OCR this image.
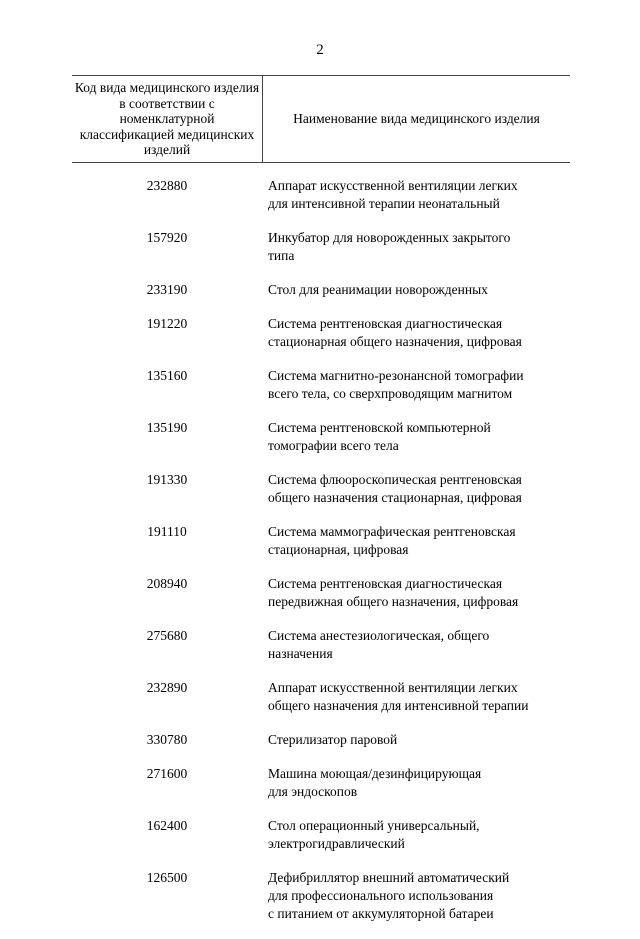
2
Код вида медицинского изделия в соответствии с номенклатурной классификацией медицинских изделий
Наименование вида медицинского изделия
232880	Аппарат искусственной вентиляции легких
для интенсивной терапии неонатальный
157920	Инкубатор для новорожденных закрытого
типа
233190	Стол для реанимации новорожденных
191220	Система рентгеновская диагностическая
стационарная общего назначения, цифровая
135160	Система магнитно-резонансной томографии
всего тела, со сверхпроводящим магнитом
135190	Система рентгеновской компьютерной
томографии всего тела
191330	Система флюороскопическая рентгеновская
общего назначения стационарная, цифровая
191110	Система маммографическая рентгеновская
стационарная, цифровая
208940	Система рентгеновская диагностическая
передвижная общего назначения, цифровая
275680	Система анестезиологическая, общего
назначения
232890	Аппарат искусственной вентиляции легких
общего назначения для интенсивной терапии
330780	Стерилизатор паровой
271600	Машина моющая/дезинфицирующая
для эндоскопов
162400	Стол операционный универсальный,
электрогидравлический
126500	Дефибриллятор внешний автоматический
для профессионального использования
с питанием от аккумуляторной батареи
